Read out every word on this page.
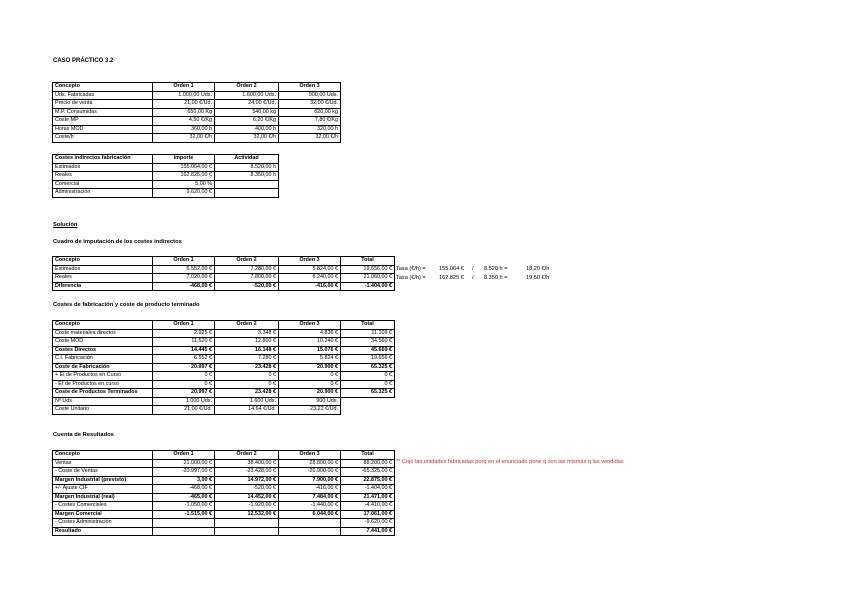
CASO PRÁCTICO 3.2
Concepto	Orden 1	Orden 2	Orden 3
Uds. Fabricadas	1.000,00 Uds.	1.600,00 Uds.	900,00 Uds.
Precio de venta	21,00 €/Ud.	24,00 €/Ud.	32,00 €/Ud.
M.P. Consumidas	650,00 Kg	540,00 kg	620,00 kg
Coste MP	4,50 €/Kg	6,20 €/Kg	7,80 €/Kg
Horas MOD	360,00 h	400,00 h	320,00 h
Coste/h	32,00 €/h	32,00 €/h	32,00 €/h
Costes indirectos fabricación	Importe	Actividad
Estimados	155.064,00 €	8.520,00 h
Reales	162.825,00 €	8.350,00 h
Comercial	5,00 %	
Administración	9.620,00 €	
Solución
Cuadro de imputación de los costes indirectos
Concepto	Orden 1	Orden 2	Orden 3	Total
Estimados	6.552,00 €	7.280,00 €	5.824,00 €	19.656,00 €
Reales	7.020,00 €	7.800,00 €	6.240,00 €	21.060,00 €
Diferencia	-468,00 €	-520,00 €	-416,00 €	-1.404,00 €
Tasa (€/h) = 155.064 € / 8.520 h =	18,20 €/h
Tasa (€/h) = 162.825 € / 8.350 h =	19,50 €/h
Costes de fabricación y coste de producto terminado
Concepto	Orden 1	Orden 2	Orden 3	Total
Coste materiales directos	2.925 €	3.348 €	4.836 €	11.109 €
Coste MOD	11.520 €	12.800 €	10.240 €	34.560 €
Costes Directos	14.445 €	16.148 €	15.076 €	45.669 €
C.I. Fabricación	6.552 €	7.280 €	5.824 €	19.656 €
Coste de Fabricación	20.997 €	23.428 €	20.900 €	65.325 €
+ Ei de Productos en Curso	0 €	0 €	0 €	0 €
- Ef de Productos en curso	0 €	0 €	0 €	0 €
Coste de Productos Terminados	20.997 €	23.428 €	20.900 €	65.325 €
Nº Uds	1.000 Uds.	1.600 Uds.	900 Uds.	
Coste Unitario	21,00 €/Ud.	14,64 €/Ud.	23,22 €/Ud.	
Cuenta de Resultados
Concepto	Orden 1	Orden 2	Orden 3	Total
Ventas	21.000,00 €	38.400,00 €	28.800,00 €	88.200,00 €
- Coste de Ventas	-20.997,00 €	-23.428,00 €	-20.900,00 €	-65.325,00 €
Margen Industrial (previsto)	3,00 €	14.972,00 €	7.900,00 €	22.875,00 €
+/- Ajuste CIF	-468,00 €	-520,00 €	-416,00 €	-1.404,00 €
Margen Industrial (real)	-465,00 €	14.452,00 €	7.484,00 €	21.471,00 €
- Costes Comerciales	-1.050,00 €	-1.920,00 €	-1.440,00 €	-4.410,00 €
Margen Comercial	-1.515,00 €	12.532,00 €	6.044,00 €	17.061,00 €
- Costes Administración				-9.620,00 €
Resultado				7.441,00 €
** Cojo las unidades fabricadas porq en el enunciado pone q son las mismas q las vendidas
